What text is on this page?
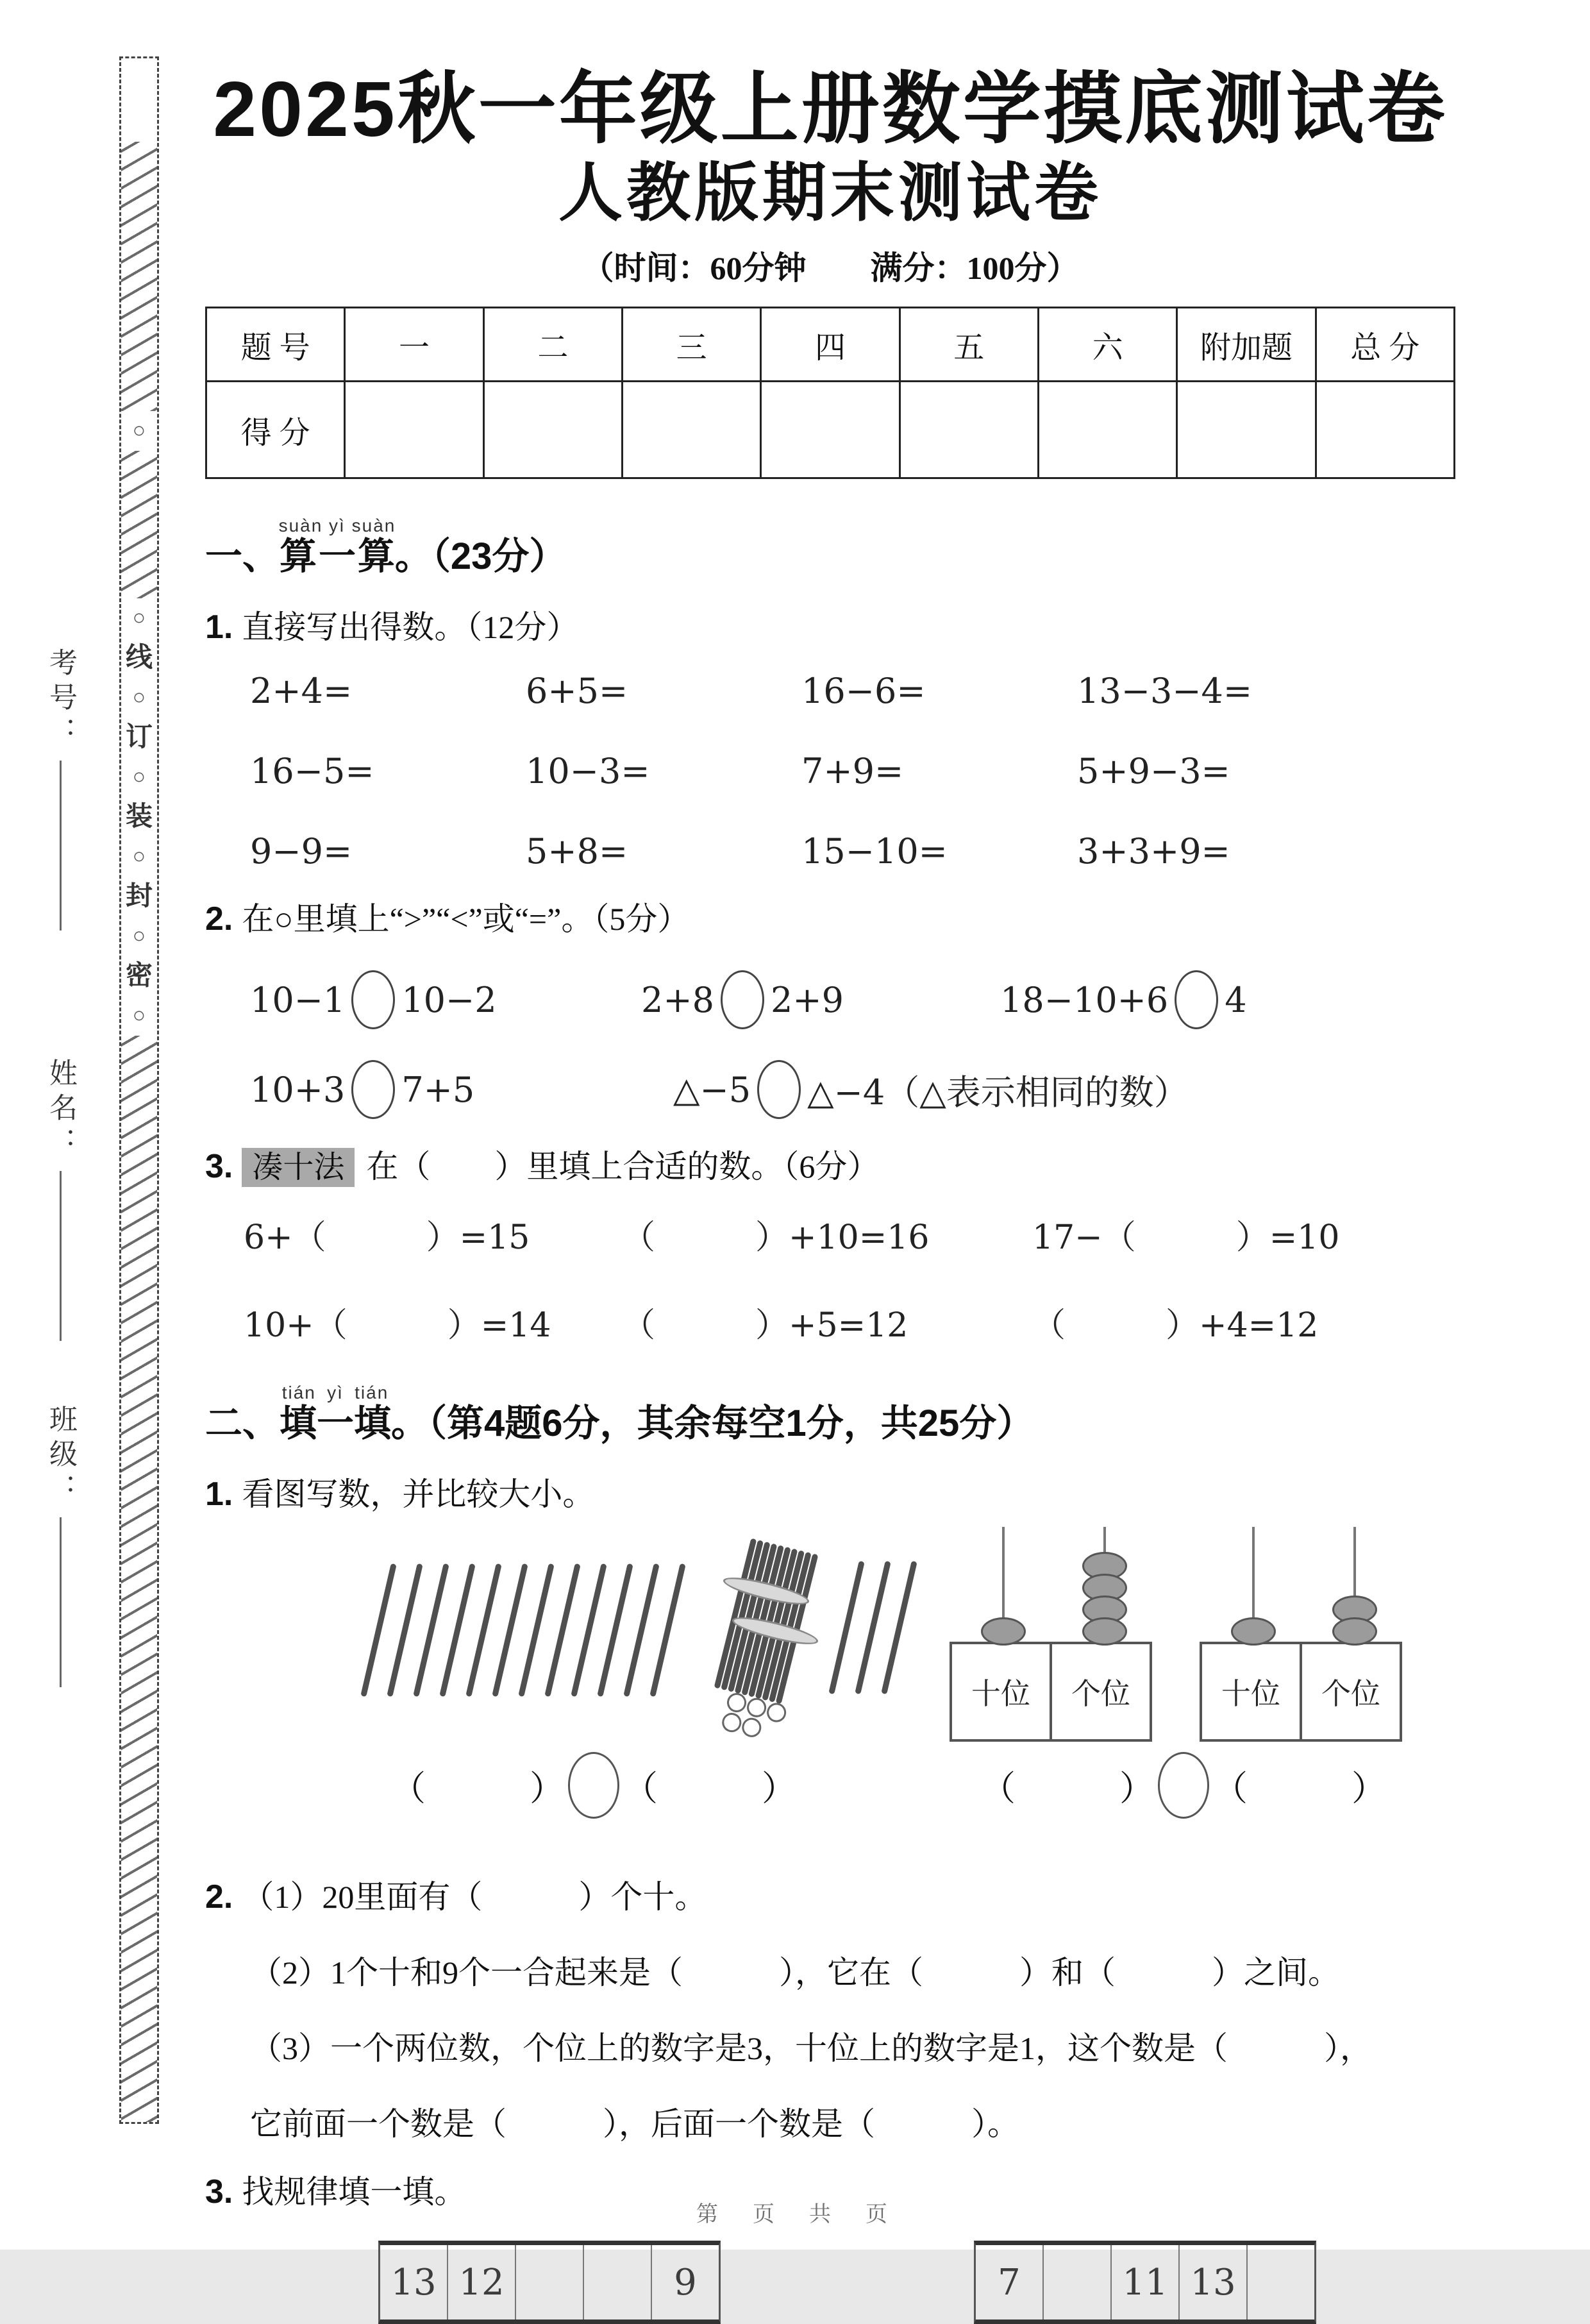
○
○
线
○
订
○
装
○
封
○
密
○
考号：
姓名：
班级：
2025秋一年级上册数学摸底测试卷
人教版期末测试卷
（时间：60分钟　　满分：100分）
题 号	一	二	三	四	五	六	附加题	总 分
得 分								
一、算一算suàn yì suàn。（23分）
1. 直接写出得数。（12分）
2+4=	6+5=	16−6=	13−3−4=
16−5=	10−3=	7+9=	5+9−3=
9−9=	5+8=	15−10=	3+3+9=
2. 在○里填上“>”“<”或“=”。（5分）
10−1 10−2	2+8 2+9	18−10+6 4
10+3 7+5	△−5 △−4（△表示相同的数）
3. 凑十法 在（　　）里填上合适的数。（6分）
6+（　　　）=15	（　　　）+10=16	17−（　　　）=10
10+（　　　）=14	（　　　）+5=12	（　　　）+4=12
二、填一填tián yì tián。（第4题6分，其余每空1分，共25分）
1. 看图写数，并比较大小。
十位	个位	十位	个位
（　　　） （　　　）	（　　　） （　　　）
2. （1）20里面有（　　　）个十。
（2）1个十和9个一合起来是（　　　），它在（　　　）和（　　　）之间。
（3）一个两位数，个位上的数字是3，十位上的数字是1，这个数是（　　　），
它前面一个数是（　　　），后面一个数是（　　　）。
3. 找规律填一填。
13 12	9	7	11 13
第　页　共　页
